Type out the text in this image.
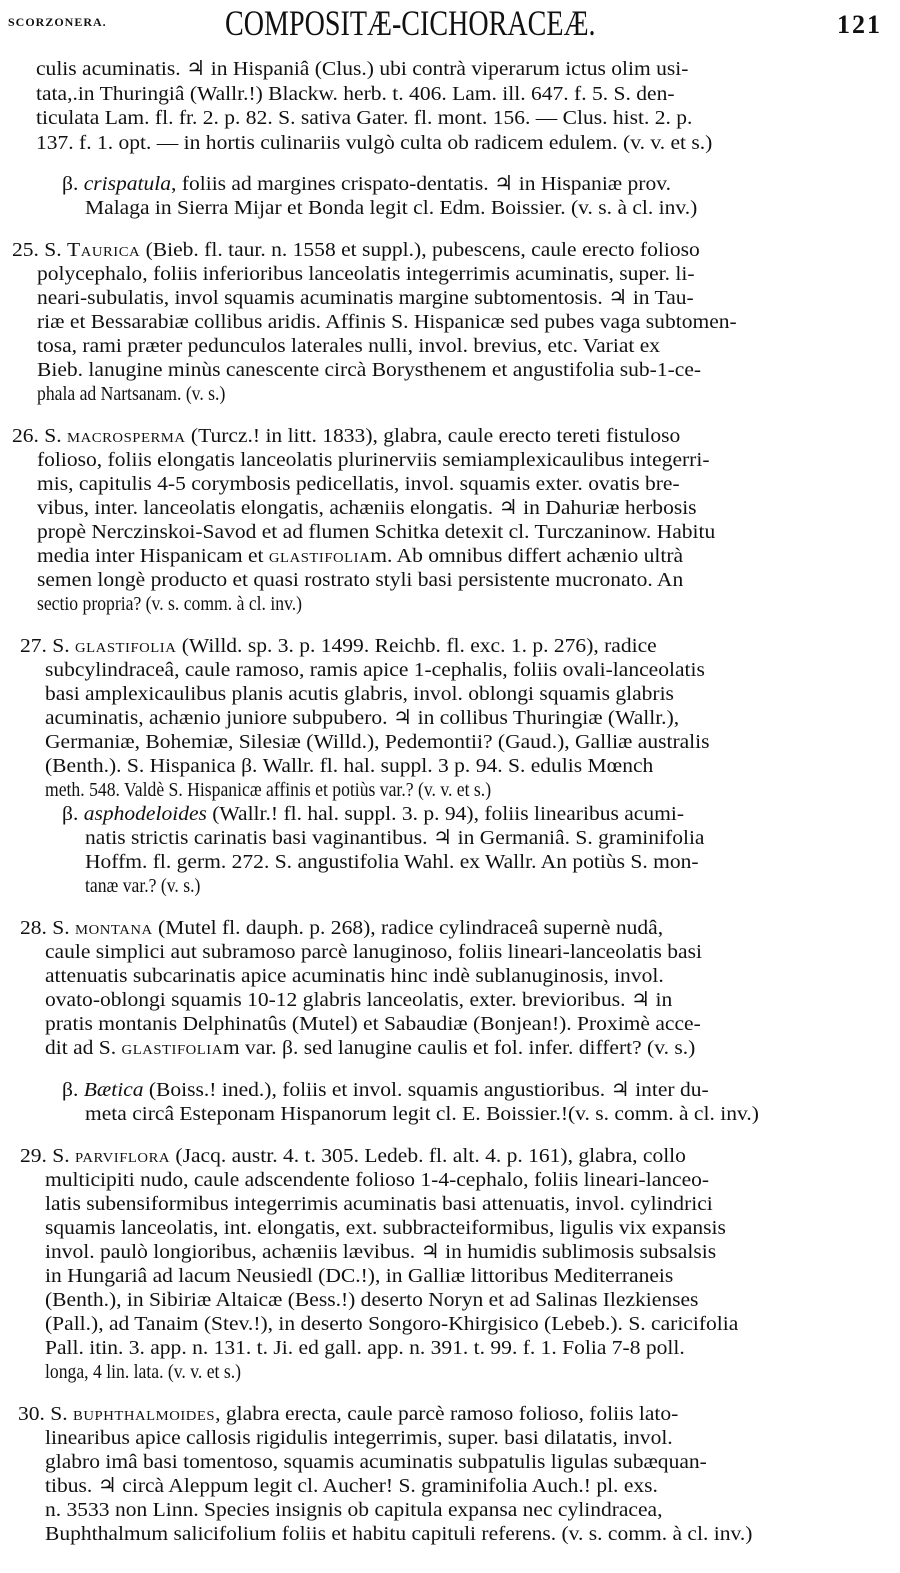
SCORZONERA.	COMPOSITÆ-CICHORACEÆ.	121
culis acuminatis. ♃ in Hispaniâ (Clus.) ubi contrà viperarum ictus olim usi-
tata,.in Thuringiâ (Wallr.!) Blackw. herb. t. 406. Lam. ill. 647. f. 5. S. den-
ticulata Lam. fl. fr. 2. p. 82. S. sativa Gater. fl. mont. 156. — Clus. hist. 2. p.
137. f. 1. opt. — in hortis culinariis vulgò culta ob radicem edulem. (v. v. et s.)
β. crispatula, foliis ad margines crispato-dentatis. ♃ in Hispaniæ prov.
Malaga in Sierra Mijar et Bonda legit cl. Edm. Boissier. (v. s. à cl. inv.)
25. S. Taurica (Bieb. fl. taur. n. 1558 et suppl.), pubescens, caule erecto folioso
polycephalo, foliis inferioribus lanceolatis integerrimis acuminatis, super. li-
neari-subulatis, invol squamis acuminatis margine subtomentosis. ♃ in Tau-
riæ et Bessarabiæ collibus aridis. Affinis S. Hispanicæ sed pubes vaga subtomen-
tosa, rami præter pedunculos laterales nulli, invol. brevius, etc. Variat ex
Bieb. lanugine minùs canescente circà Borysthenem et angustifolia sub-1-ce-
phala ad Nartsanam. (v. s.)
26. S. macrosperma (Turcz.! in litt. 1833), glabra, caule erecto tereti fistuloso
folioso, foliis elongatis lanceolatis plurinerviis semiamplexicaulibus integerri-
mis, capitulis 4-5 corymbosis pedicellatis, invol. squamis exter. ovatis bre-
vibus, inter. lanceolatis elongatis, achæniis elongatis. ♃ in Dahuriæ herbosis
propè Nerczinskoi-Savod et ad flumen Schitka detexit cl. Turczaninow. Habitu
media inter Hispanicam et glastifoliam. Ab omnibus differt achænio ultrà
semen longè producto et quasi rostrato styli basi persistente mucronato. An
sectio propria? (v. s. comm. à cl. inv.)
27. S. glastifolia (Willd. sp. 3. p. 1499. Reichb. fl. exc. 1. p. 276), radice
subcylindraceâ, caule ramoso, ramis apice 1-cephalis, foliis ovali-lanceolatis
basi amplexicaulibus planis acutis glabris, invol. oblongi squamis glabris
acuminatis, achænio juniore subpubero. ♃ in collibus Thuringiæ (Wallr.),
Germaniæ, Bohemiæ, Silesiæ (Willd.), Pedemontii? (Gaud.), Galliæ australis
(Benth.). S. Hispanica β. Wallr. fl. hal. suppl. 3 p. 94. S. edulis Mœnch
meth. 548. Valdè S. Hispanicæ affinis et potiùs var.? (v. v. et s.)
β. asphodeloides (Wallr.! fl. hal. suppl. 3. p. 94), foliis linearibus acumi-
natis strictis carinatis basi vaginantibus. ♃ in Germaniâ. S. graminifolia
Hoffm. fl. germ. 272. S. angustifolia Wahl. ex Wallr. An potiùs S. mon-
tanæ var.? (v. s.)
28. S. montana (Mutel fl. dauph. p. 268), radice cylindraceâ supernè nudâ,
caule simplici aut subramoso parcè lanuginoso, foliis lineari-lanceolatis basi
attenuatis subcarinatis apice acuminatis hinc indè sublanuginosis, invol.
ovato-oblongi squamis 10-12 glabris lanceolatis, exter. brevioribus. ♃ in
pratis montanis Delphinatûs (Mutel) et Sabaudiæ (Bonjean!). Proximè acce-
dit ad S. glastifoliam var. β. sed lanugine caulis et fol. infer. differt? (v. s.)
β. Bætica (Boiss.! ined.), foliis et invol. squamis angustioribus. ♃ inter du-
meta circâ Esteponam Hispanorum legit cl. E. Boissier.!(v. s. comm. à cl. inv.)
29. S. parviflora (Jacq. austr. 4. t. 305. Ledeb. fl. alt. 4. p. 161), glabra, collo
multicipiti nudo, caule adscendente folioso 1-4-cephalo, foliis lineari-lanceo-
latis subensiformibus integerrimis acuminatis basi attenuatis, invol. cylindrici
squamis lanceolatis, int. elongatis, ext. subbracteiformibus, ligulis vix expansis
invol. paulò longioribus, achæniis lævibus. ♃ in humidis sublimosis subsalsis
in Hungariâ ad lacum Neusiedl (DC.!), in Galliæ littoribus Mediterraneis
(Benth.), in Sibiriæ Altaicæ (Bess.!) deserto Noryn et ad Salinas Ilezkienses
(Pall.), ad Tanaim (Stev.!), in deserto Songoro-Khirgisico (Lebeb.). S. caricifolia
Pall. itin. 3. app. n. 131. t. Ji. ed gall. app. n. 391. t. 99. f. 1. Folia 7-8 poll.
longa, 4 lin. lata. (v. v. et s.)
30. S. buphthalmoides, glabra erecta, caule parcè ramoso folioso, foliis lato-
linearibus apice callosis rigidulis integerrimis, super. basi dilatatis, invol.
glabro imâ basi tomentoso, squamis acuminatis subpatulis ligulas subæquan-
tibus. ♃ circà Aleppum legit cl. Aucher! S. graminifolia Auch.! pl. exs.
n. 3533 non Linn. Species insignis ob capitula expansa nec cylindracea,
Buphthalmum salicifolium foliis et habitu capituli referens. (v. s. comm. à cl. inv.)
